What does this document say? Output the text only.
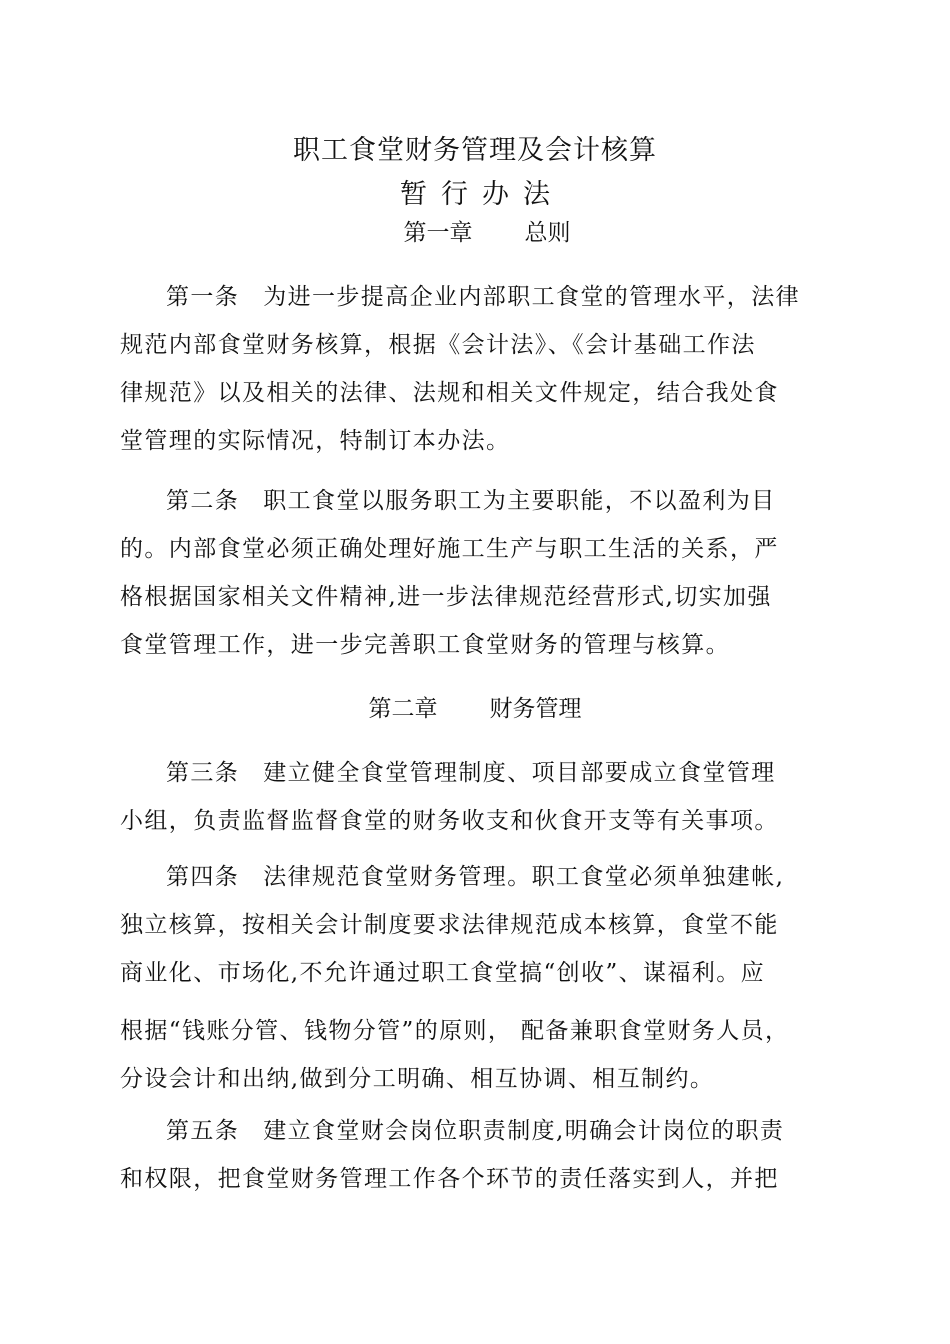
职工食堂财务管理及会计核算
暂行办法
第一章 总则
第一条 为进一步提高企业内部职工食堂的管理水平，法律
规范内部食堂财务核算，根据《会计法》、《会计基础工作法
律规范》以及相关的法律、法规和相关文件规定，结合我处食
堂管理的实际情况，特制订本办法。
第二条 职工食堂以服务职工为主要职能，不以盈利为目
的。内部食堂必须正确处理好施工生产与职工生活的关系，严
格根据国家相关文件精神,进一步法律规范经营形式,切实加强
食堂管理工作，进一步完善职工食堂财务的管理与核算。
第二章 财务管理
第三条 建立健全食堂管理制度、项目部要成立食堂管理
小组，负责监督监督食堂的财务收支和伙食开支等有关事项。
第四条 法律规范食堂财务管理。职工食堂必须单独建帐,
独立核算，按相关会计制度要求法律规范成本核算，食堂不能
商业化、市场化,不允许通过职工食堂搞“创收”、谋福利。应
根据“钱账分管、钱物分管”的原则， 配备兼职食堂财务人员，
分设会计和出纳,做到分工明确、相互协调、相互制约。
第五条 建立食堂财会岗位职责制度,明确会计岗位的职责
和权限，把食堂财务管理工作各个环节的责任落实到人，并把
